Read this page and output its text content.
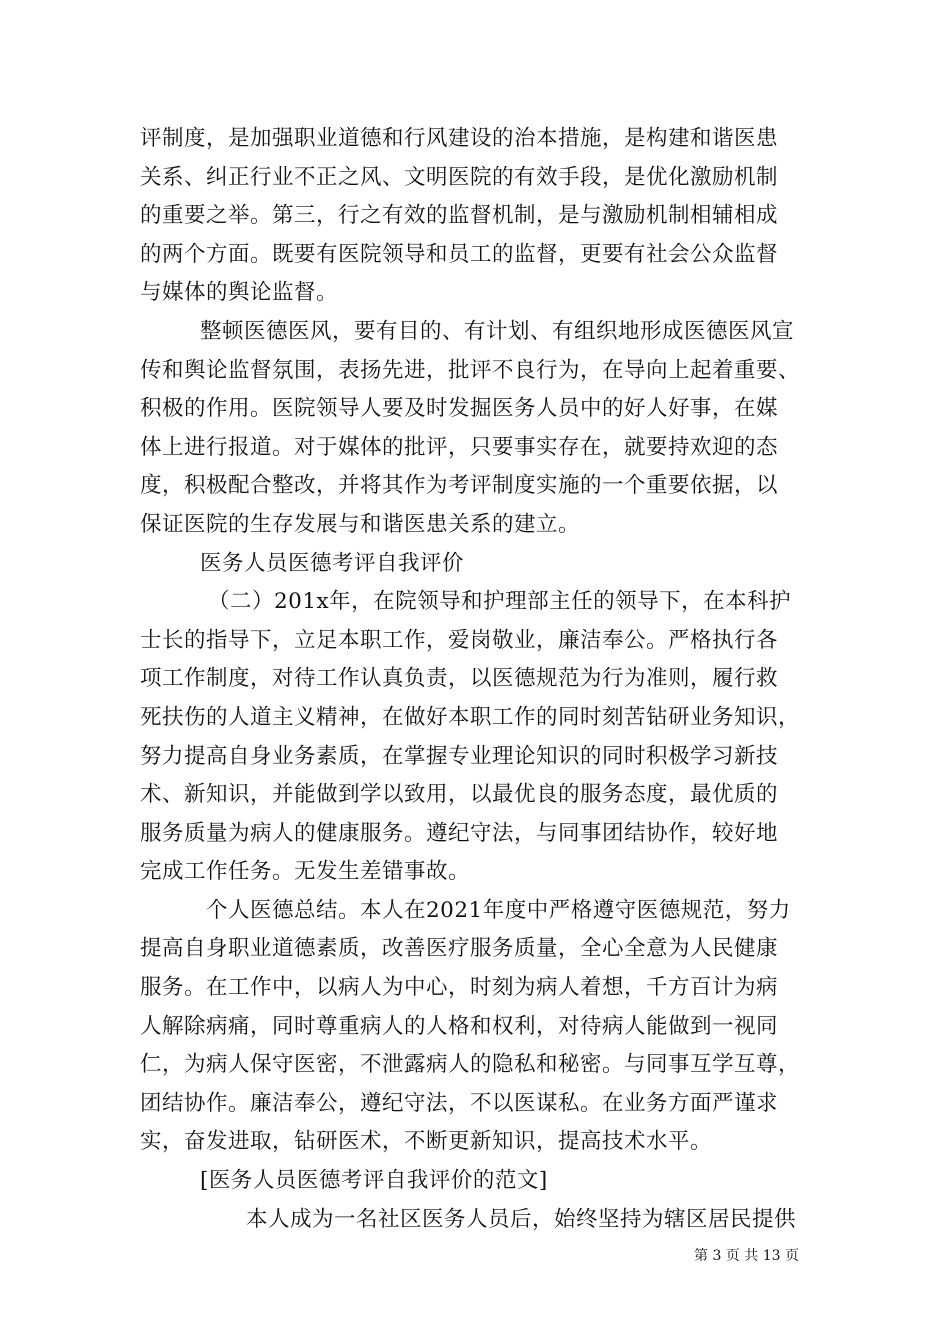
评制度，是加强职业道德和行风建设的治本措施，是构建和谐医患
关系、纠正行业不正之风、文明医院的有效手段，是优化激励机制
的重要之举。第三，行之有效的监督机制，是与激励机制相辅相成
的两个方面。既要有医院领导和员工的监督，更要有社会公众监督
与媒体的舆论监督。
整顿医德医风，要有目的、有计划、有组织地形成医德医风宣
传和舆论监督氛围，表扬先进，批评不良行为，在导向上起着重要、
积极的作用。医院领导人要及时发掘医务人员中的好人好事，在媒
体上进行报道。对于媒体的批评，只要事实存在，就要持欢迎的态
度，积极配合整改，并将其作为考评制度实施的一个重要依据，以
保证医院的生存发展与和谐医患关系的建立。
医务人员医德考评自我评价
（二）201x年，在院领导和护理部主任的领导下，在本科护
士长的指导下，立足本职工作，爱岗敬业，廉洁奉公。严格执行各
项工作制度，对待工作认真负责，以医德规范为行为准则，履行救
死扶伤的人道主义精神，在做好本职工作的同时刻苦钻研业务知识，
努力提高自身业务素质，在掌握专业理论知识的同时积极学习新技
术、新知识，并能做到学以致用，以最优良的服务态度，最优质的
服务质量为病人的健康服务。遵纪守法，与同事团结协作，较好地
完成工作任务。无发生差错事故。
个人医德总结。本人在2021年度中严格遵守医德规范，努力
提高自身职业道德素质，改善医疗服务质量，全心全意为人民健康
服务。在工作中，以病人为中心，时刻为病人着想，千方百计为病
人解除病痛，同时尊重病人的人格和权利，对待病人能做到一视同
仁，为病人保守医密，不泄露病人的隐私和秘密。与同事互学互尊，
团结协作。廉洁奉公，遵纪守法，不以医谋私。在业务方面严谨求
实，奋发进取，钻研医术，不断更新知识，提高技术水平。
[医务人员医德考评自我评价的范文]
本人成为一名社区医务人员后，始终坚持为辖区居民提供
第 3 页 共 13 页
